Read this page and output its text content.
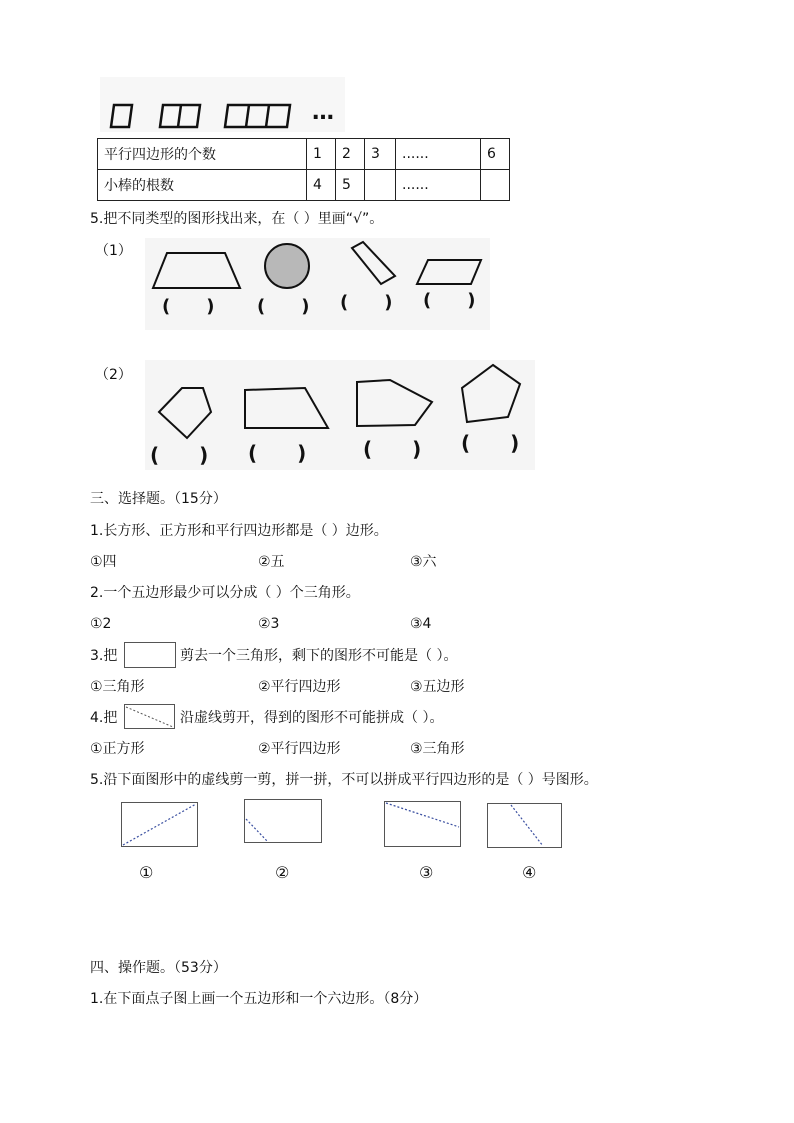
…
平行四边形的个数	1	2	3	......	6
小棒的根数	4	5		......	
5.把不同类型的图形找出来，在（ ）里画“√”。
（1）
( ) ( ) ( ) ( )
（2）
( ) ( )	( ) ( )
三、选择题。（15分）
1.长方形、正方形和平行四边形都是（ ）边形。
①四	②五	③六
2.一个五边形最少可以分成（ ）个三角形。
①2	②3	③4
3.把	剪去一个三角形，剩下的图形不可能是（ ）。
①三角形	②平行四边形	③五边形
4.把	沿虚线剪开，得到的图形不可能拼成（ ）。
①正方形	②平行四边形	③三角形
5.沿下面图形中的虚线剪一剪，拼一拼，不可以拼成平行四边形的是（ ）号图形。
①	②	③	④
四、操作题。（53分）
1.在下面点子图上画一个五边形和一个六边形。（8分）
